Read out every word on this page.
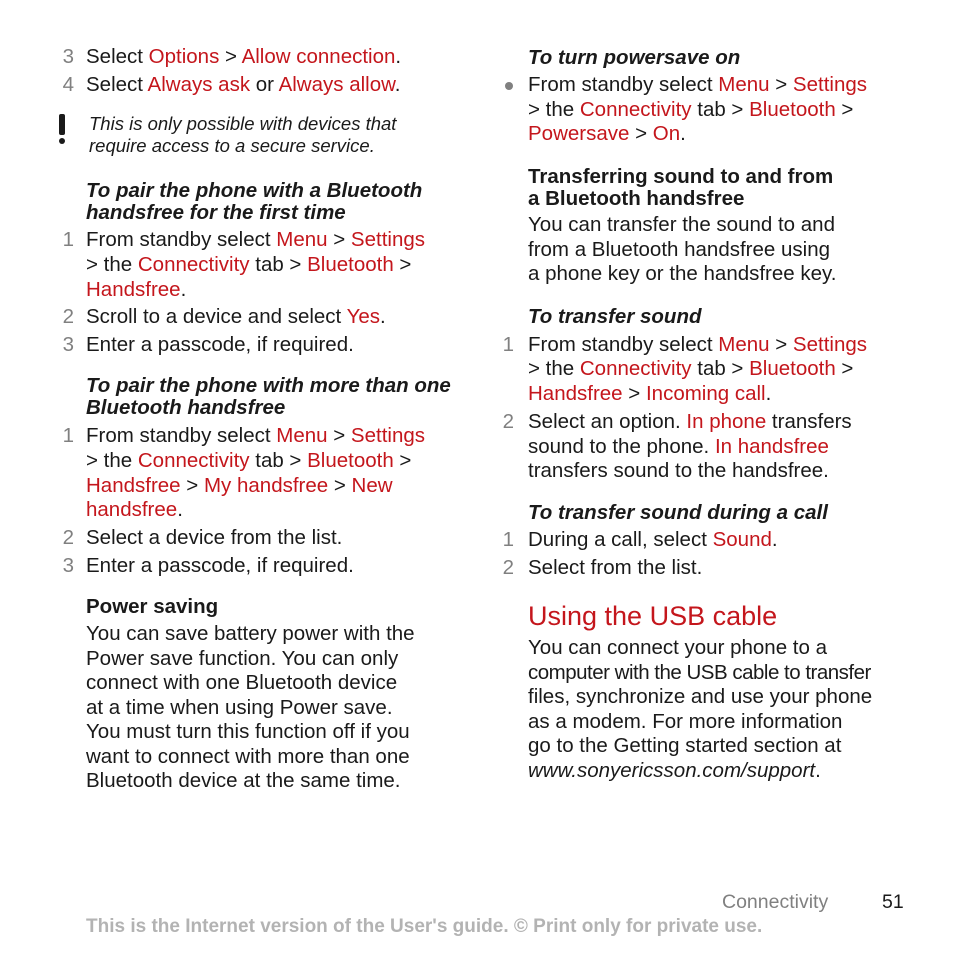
3 Select Options > Allow connection.
4 Select Always ask or Always allow.
This is only possible with devices that
require access to a secure service.
To pair the phone with a Bluetooth
handsfree for the first time
1 From standby select Menu > Settings
> the Connectivity tab > Bluetooth >
Handsfree.
2 Scroll to a device and select Yes.
3 Enter a passcode, if required.
To pair the phone with more than one
Bluetooth handsfree
1 From standby select Menu > Settings
> the Connectivity tab > Bluetooth >
Handsfree > My handsfree > New
handsfree.
2 Select a device from the list.
3 Enter a passcode, if required.
Power saving
You can save battery power with the
Power save function. You can only
connect with one Bluetooth device
at a time when using Power save.
You must turn this function off if you
want to connect with more than one
Bluetooth device at the same time.
To turn powersave on
From standby select Menu > Settings
> the Connectivity tab > Bluetooth >
Powersave > On.
Transferring sound to and from
a Bluetooth handsfree
You can transfer the sound to and
from a Bluetooth handsfree using
a phone key or the handsfree key.
To transfer sound
1 From standby select Menu > Settings
> the Connectivity tab > Bluetooth >
Handsfree > Incoming call.
2 Select an option. In phone transfers
sound to the phone. In handsfree
transfers sound to the handsfree.
To transfer sound during a call
1 During a call, select Sound.
2 Select from the list.
Using the USB cable
You can connect your phone to a
computer with the USB cable to transfer
files, synchronize and use your phone
as a modem. For more information
go to the Getting started section at
www.sonyericsson.com/support.
Connectivity	51
This is the Internet version of the User's guide. © Print only for private use.
